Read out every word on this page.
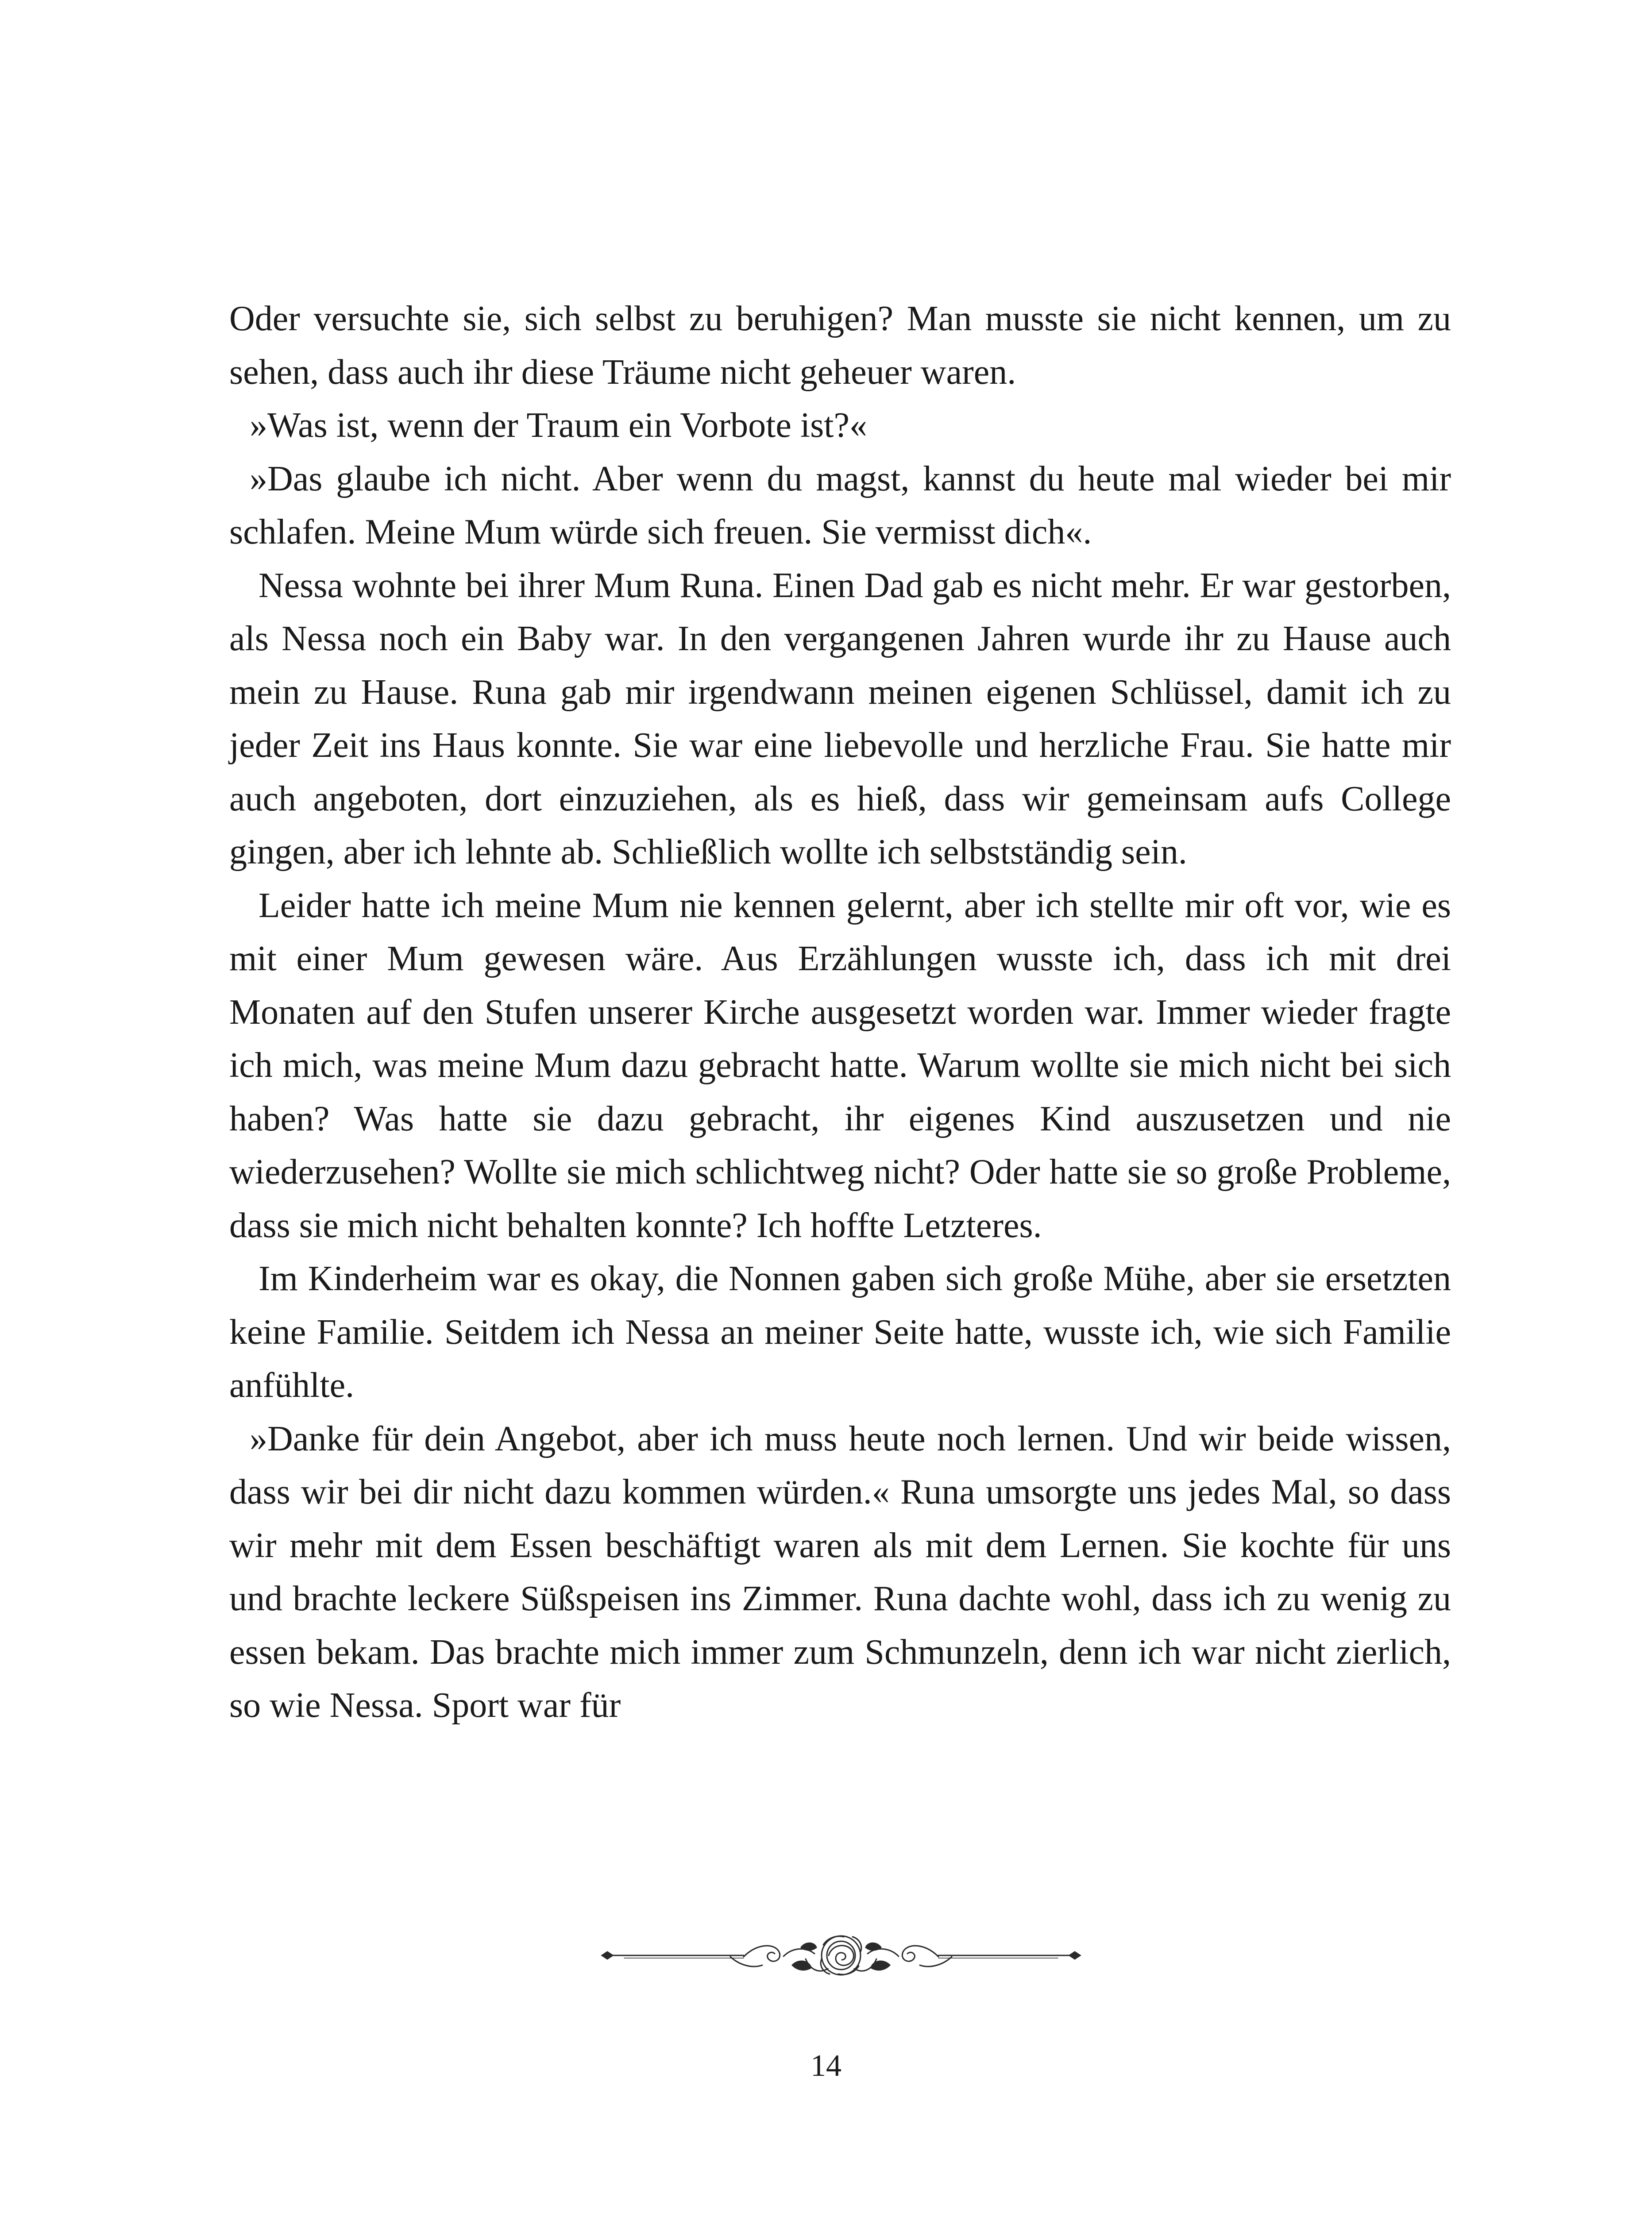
Oder versuchte sie, sich selbst zu beruhigen? Man musste sie nicht kennen, um zu sehen, dass auch ihr diese Träume nicht geheuer waren.

»Was ist, wenn der Traum ein Vorbote ist?«

»Das glaube ich nicht. Aber wenn du magst, kannst du heute mal wieder bei mir schlafen. Meine Mum würde sich freuen. Sie vermisst dich«.

Nessa wohnte bei ihrer Mum Runa. Einen Dad gab es nicht mehr. Er war gestorben, als Nessa noch ein Baby war. In den vergangenen Jahren wurde ihr zu Hause auch mein zu Hause. Runa gab mir irgendwann meinen eigenen Schlüssel, damit ich zu jeder Zeit ins Haus konnte. Sie war eine liebevolle und herzliche Frau. Sie hatte mir auch angeboten, dort einzuziehen, als es hieß, dass wir gemeinsam aufs College gingen, aber ich lehnte ab. Schließlich wollte ich selbstständig sein.

Leider hatte ich meine Mum nie kennen gelernt, aber ich stellte mir oft vor, wie es mit einer Mum gewesen wäre. Aus Erzählungen wusste ich, dass ich mit drei Monaten auf den Stufen unserer Kirche ausgesetzt worden war. Immer wieder fragte ich mich, was meine Mum dazu gebracht hatte. Warum wollte sie mich nicht bei sich haben? Was hatte sie dazu gebracht, ihr eigenes Kind auszusetzen und nie wiederzusehen? Wollte sie mich schlichtweg nicht? Oder hatte sie so große Probleme, dass sie mich nicht behalten konnte? Ich hoffte Letzteres.

Im Kinderheim war es okay, die Nonnen gaben sich große Mühe, aber sie ersetzten keine Familie. Seitdem ich Nessa an meiner Seite hatte, wusste ich, wie sich Familie anfühlte.

»Danke für dein Angebot, aber ich muss heute noch lernen. Und wir beide wissen, dass wir bei dir nicht dazu kommen würden.« Runa umsorgte uns jedes Mal, so dass wir mehr mit dem Essen beschäftigt waren als mit dem Lernen. Sie kochte für uns und brachte leckere Süßspeisen ins Zimmer. Runa dachte wohl, dass ich zu wenig zu essen bekam. Das brachte mich immer zum Schmunzeln, denn ich war nicht zierlich, so wie Nessa. Sport war für

14
